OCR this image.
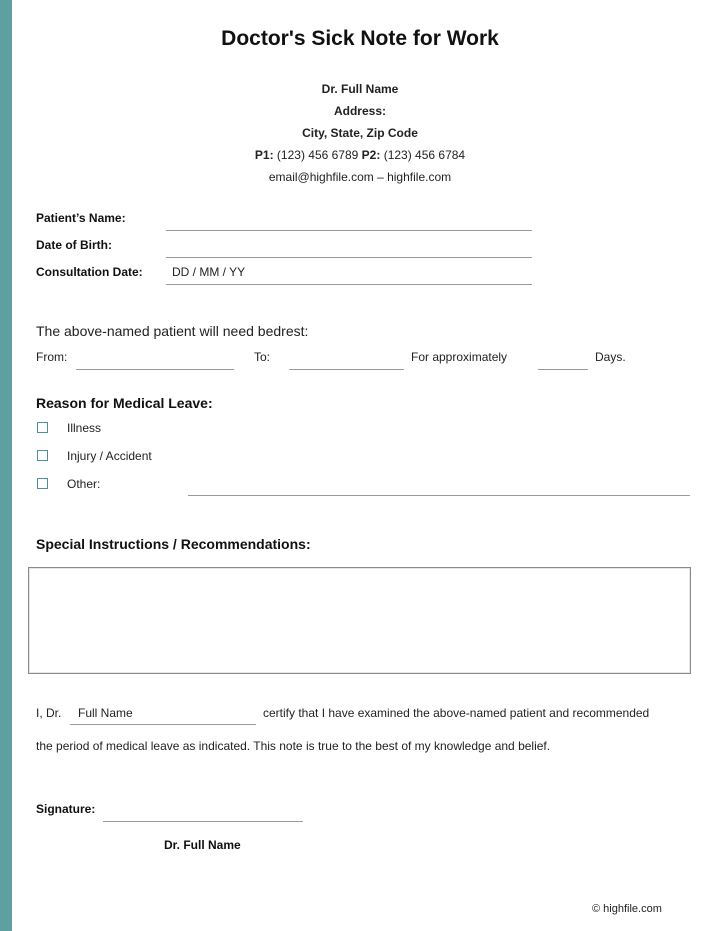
Doctor's Sick Note for Work
Dr. Full Name
Address:
City, State, Zip Code
P1: (123) 456 6789 P2: (123) 456 6784
email@highfile.com – highfile.com
Patient’s Name:
Date of Birth:
Consultation Date: DD / MM / YY
The above-named patient will need bedrest:
From:	To:	For approximately	Days.
Reason for Medical Leave:
Illness
Injury / Accident
Other:
Special Instructions / Recommendations:
I, Dr. Full Name	certify that I have examined the above-named patient and recommended
the period of medical leave as indicated. This note is true to the best of my knowledge and belief.
Signature:
Dr. Full Name
© highfile.com
